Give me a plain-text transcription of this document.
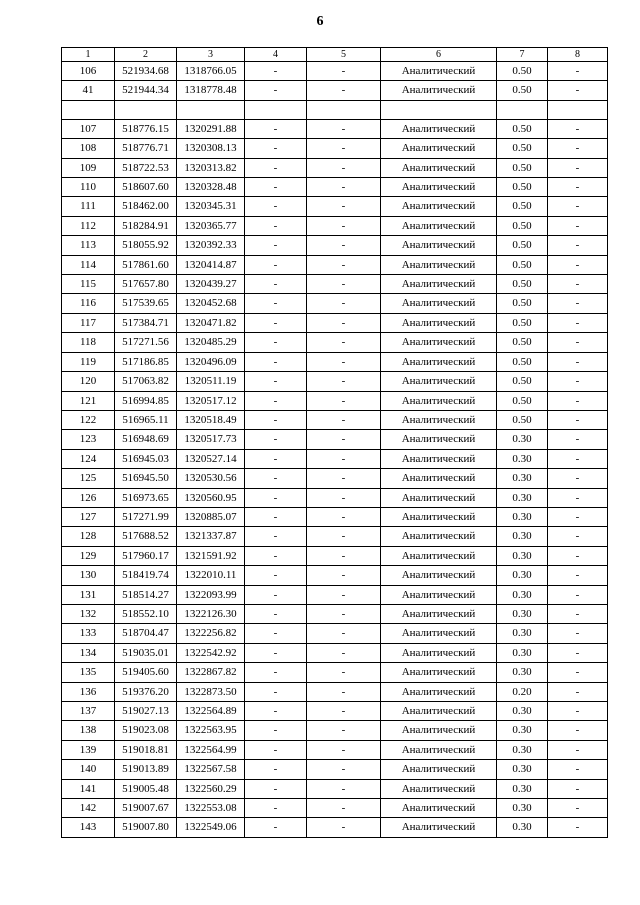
6
1	2	3	4	5	6	7	8
106	521934.68	1318766.05	-	-	Аналитический	0.50	-
41	521944.34	1318778.48	-	-	Аналитический	0.50	-

107	518776.15	1320291.88	-	-	Аналитический	0.50	-
108	518776.71	1320308.13	-	-	Аналитический	0.50	-
109	518722.53	1320313.82	-	-	Аналитический	0.50	-
110	518607.60	1320328.48	-	-	Аналитический	0.50	-
111	518462.00	1320345.31	-	-	Аналитический	0.50	-
112	518284.91	1320365.77	-	-	Аналитический	0.50	-
113	518055.92	1320392.33	-	-	Аналитический	0.50	-
114	517861.60	1320414.87	-	-	Аналитический	0.50	-
115	517657.80	1320439.27	-	-	Аналитический	0.50	-
116	517539.65	1320452.68	-	-	Аналитический	0.50	-
117	517384.71	1320471.82	-	-	Аналитический	0.50	-
118	517271.56	1320485.29	-	-	Аналитический	0.50	-
119	517186.85	1320496.09	-	-	Аналитический	0.50	-
120	517063.82	1320511.19	-	-	Аналитический	0.50	-
121	516994.85	1320517.12	-	-	Аналитический	0.50	-
122	516965.11	1320518.49	-	-	Аналитический	0.50	-
123	516948.69	1320517.73	-	-	Аналитический	0.30	-
124	516945.03	1320527.14	-	-	Аналитический	0.30	-
125	516945.50	1320530.56	-	-	Аналитический	0.30	-
126	516973.65	1320560.95	-	-	Аналитический	0.30	-
127	517271.99	1320885.07	-	-	Аналитический	0.30	-
128	517688.52	1321337.87	-	-	Аналитический	0.30	-
129	517960.17	1321591.92	-	-	Аналитический	0.30	-
130	518419.74	1322010.11	-	-	Аналитический	0.30	-
131	518514.27	1322093.99	-	-	Аналитический	0.30	-
132	518552.10	1322126.30	-	-	Аналитический	0.30	-
133	518704.47	1322256.82	-	-	Аналитический	0.30	-
134	519035.01	1322542.92	-	-	Аналитический	0.30	-
135	519405.60	1322867.82	-	-	Аналитический	0.30	-
136	519376.20	1322873.50	-	-	Аналитический	0.20	-
137	519027.13	1322564.89	-	-	Аналитический	0.30	-
138	519023.08	1322563.95	-	-	Аналитический	0.30	-
139	519018.81	1322564.99	-	-	Аналитический	0.30	-
140	519013.89	1322567.58	-	-	Аналитический	0.30	-
141	519005.48	1322560.29	-	-	Аналитический	0.30	-
142	519007.67	1322553.08	-	-	Аналитический	0.30	-
143	519007.80	1322549.06	-	-	Аналитический	0.30	-
